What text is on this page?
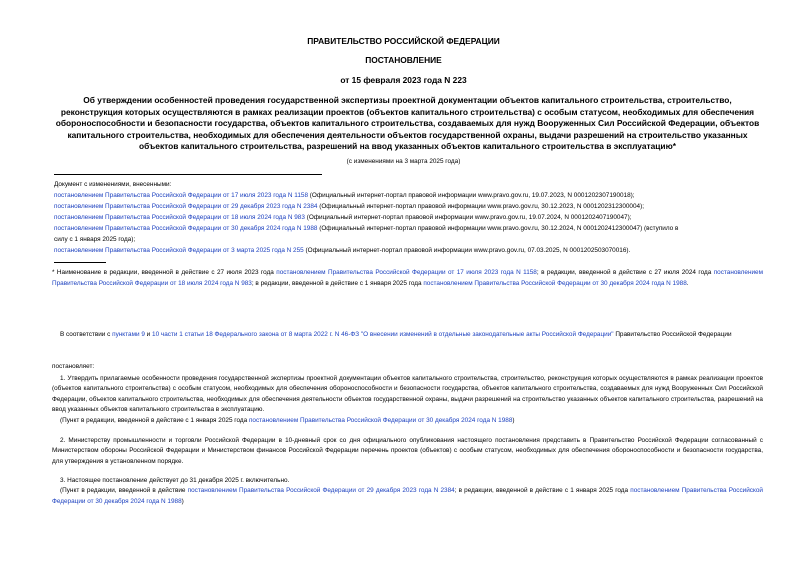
ПРАВИТЕЛЬСТВО РОССИЙСКОЙ ФЕДЕРАЦИИ
ПОСТАНОВЛЕНИЕ
от 15 февраля 2023 года N 223
Об утверждении особенностей проведения государственной экспертизы проектной документации объектов капитального строительства, строительство, реконструкция которых осуществляются в рамках реализации проектов (объектов капитального строительства) с особым статусом, необходимых для обеспечения обороноспособности и безопасности государства, объектов капитального строительства, создаваемых для нужд Вооруженных Сил Российской Федерации, объектов капитального строительства, необходимых для обеспечения деятельности объектов государственной охраны, выдачи разрешений на строительство указанных объектов капитального строительства, разрешений на ввод указанных объектов капитального строительства в эксплуатацию*
(с изменениями на 3 марта 2025 года)
Документ с изменениями, внесенными:
постановлением Правительства Российской Федерации от 17 июля 2023 года N 1158 (Официальный интернет-портал правовой информации www.pravo.gov.ru, 19.07.2023, N 0001202307190018);
постановлением Правительства Российской Федерации от 29 декабря 2023 года N 2384 (Официальный интернет-портал правовой информации www.pravo.gov.ru, 30.12.2023, N 0001202312300004);
постановлением Правительства Российской Федерации от 18 июля 2024 года N 983 (Официальный интернет-портал правовой информации www.pravo.gov.ru, 19.07.2024, N 0001202407190047);
постановлением Правительства Российской Федерации от 30 декабря 2024 года N 1988 (Официальный интернет-портал правовой информации www.pravo.gov.ru, 30.12.2024, N 0001202412300047) (вступило в
силу с 1 января 2025 года);
постановлением Правительства Российской Федерации от 3 марта 2025 года N 255 (Официальный интернет-портал правовой информации www.pravo.gov.ru, 07.03.2025, N 0001202503070016).
* Наименование в редакции, введенной в действие с 27 июля 2023 года постановлением Правительства Российской Федерации от 17 июля 2023 года N 1158; в редакции, введенной в действие с 27 июля 2024 года постановлением Правительства Российской Федерации от 18 июля 2024 года N 983; в редакции, введенной в действие с 1 января 2025 года постановлением Правительства Российской Федерации от 30 декабря 2024 года N 1988.

В соответствии с пунктами 9 и 10 части 1 статьи 18 Федерального закона от 8 марта 2022 г. N 46-ФЗ "О внесении изменений в отдельные законодательные акты Российской Федерации" Правительство Российской Федерации

постановляет:

1. Утвердить прилагаемые особенности проведения государственной экспертизы проектной документации объектов капитального строительства, строительство, реконструкция которых осуществляются в рамках реализации проектов (объектов капитального строительства) с особым статусом, необходимых для обеспечения обороноспособности и безопасности государства, объектов капитального строительства, создаваемых для нужд Вооруженных Сил Российской Федерации, объектов капитального строительства, необходимых для обеспечения деятельности объектов государственной охраны, выдачи разрешений на строительство указанных объектов капитального строительства, разрешений на ввод указанных объектов капитального строительства в эксплуатацию.

(Пункт в редакции, введенной в действие с 1 января 2025 года постановлением Правительства Российской Федерации от 30 декабря 2024 года N 1988)

2. Министерству промышленности и торговли Российской Федерации в 10-дневный срок со дня официального опубликования настоящего постановления представить в Правительство Российской Федерации согласованный с Министерством обороны Российской Федерации и Министерством финансов Российской Федерации перечень проектов (объектов) с особым статусом, необходимых для обеспечения обороноспособности и безопасности государства, для утверждения в установленном порядке.

3. Настоящее постановление действует до 31 декабря 2025 г. включительно.

(Пункт в редакции, введенной в действие постановлением Правительства Российской Федерации от 29 декабря 2023 года N 2384; в редакции, введенной в действие с 1 января 2025 года постановлением Правительства Российской Федерации от 30 декабря 2024 года N 1988)
